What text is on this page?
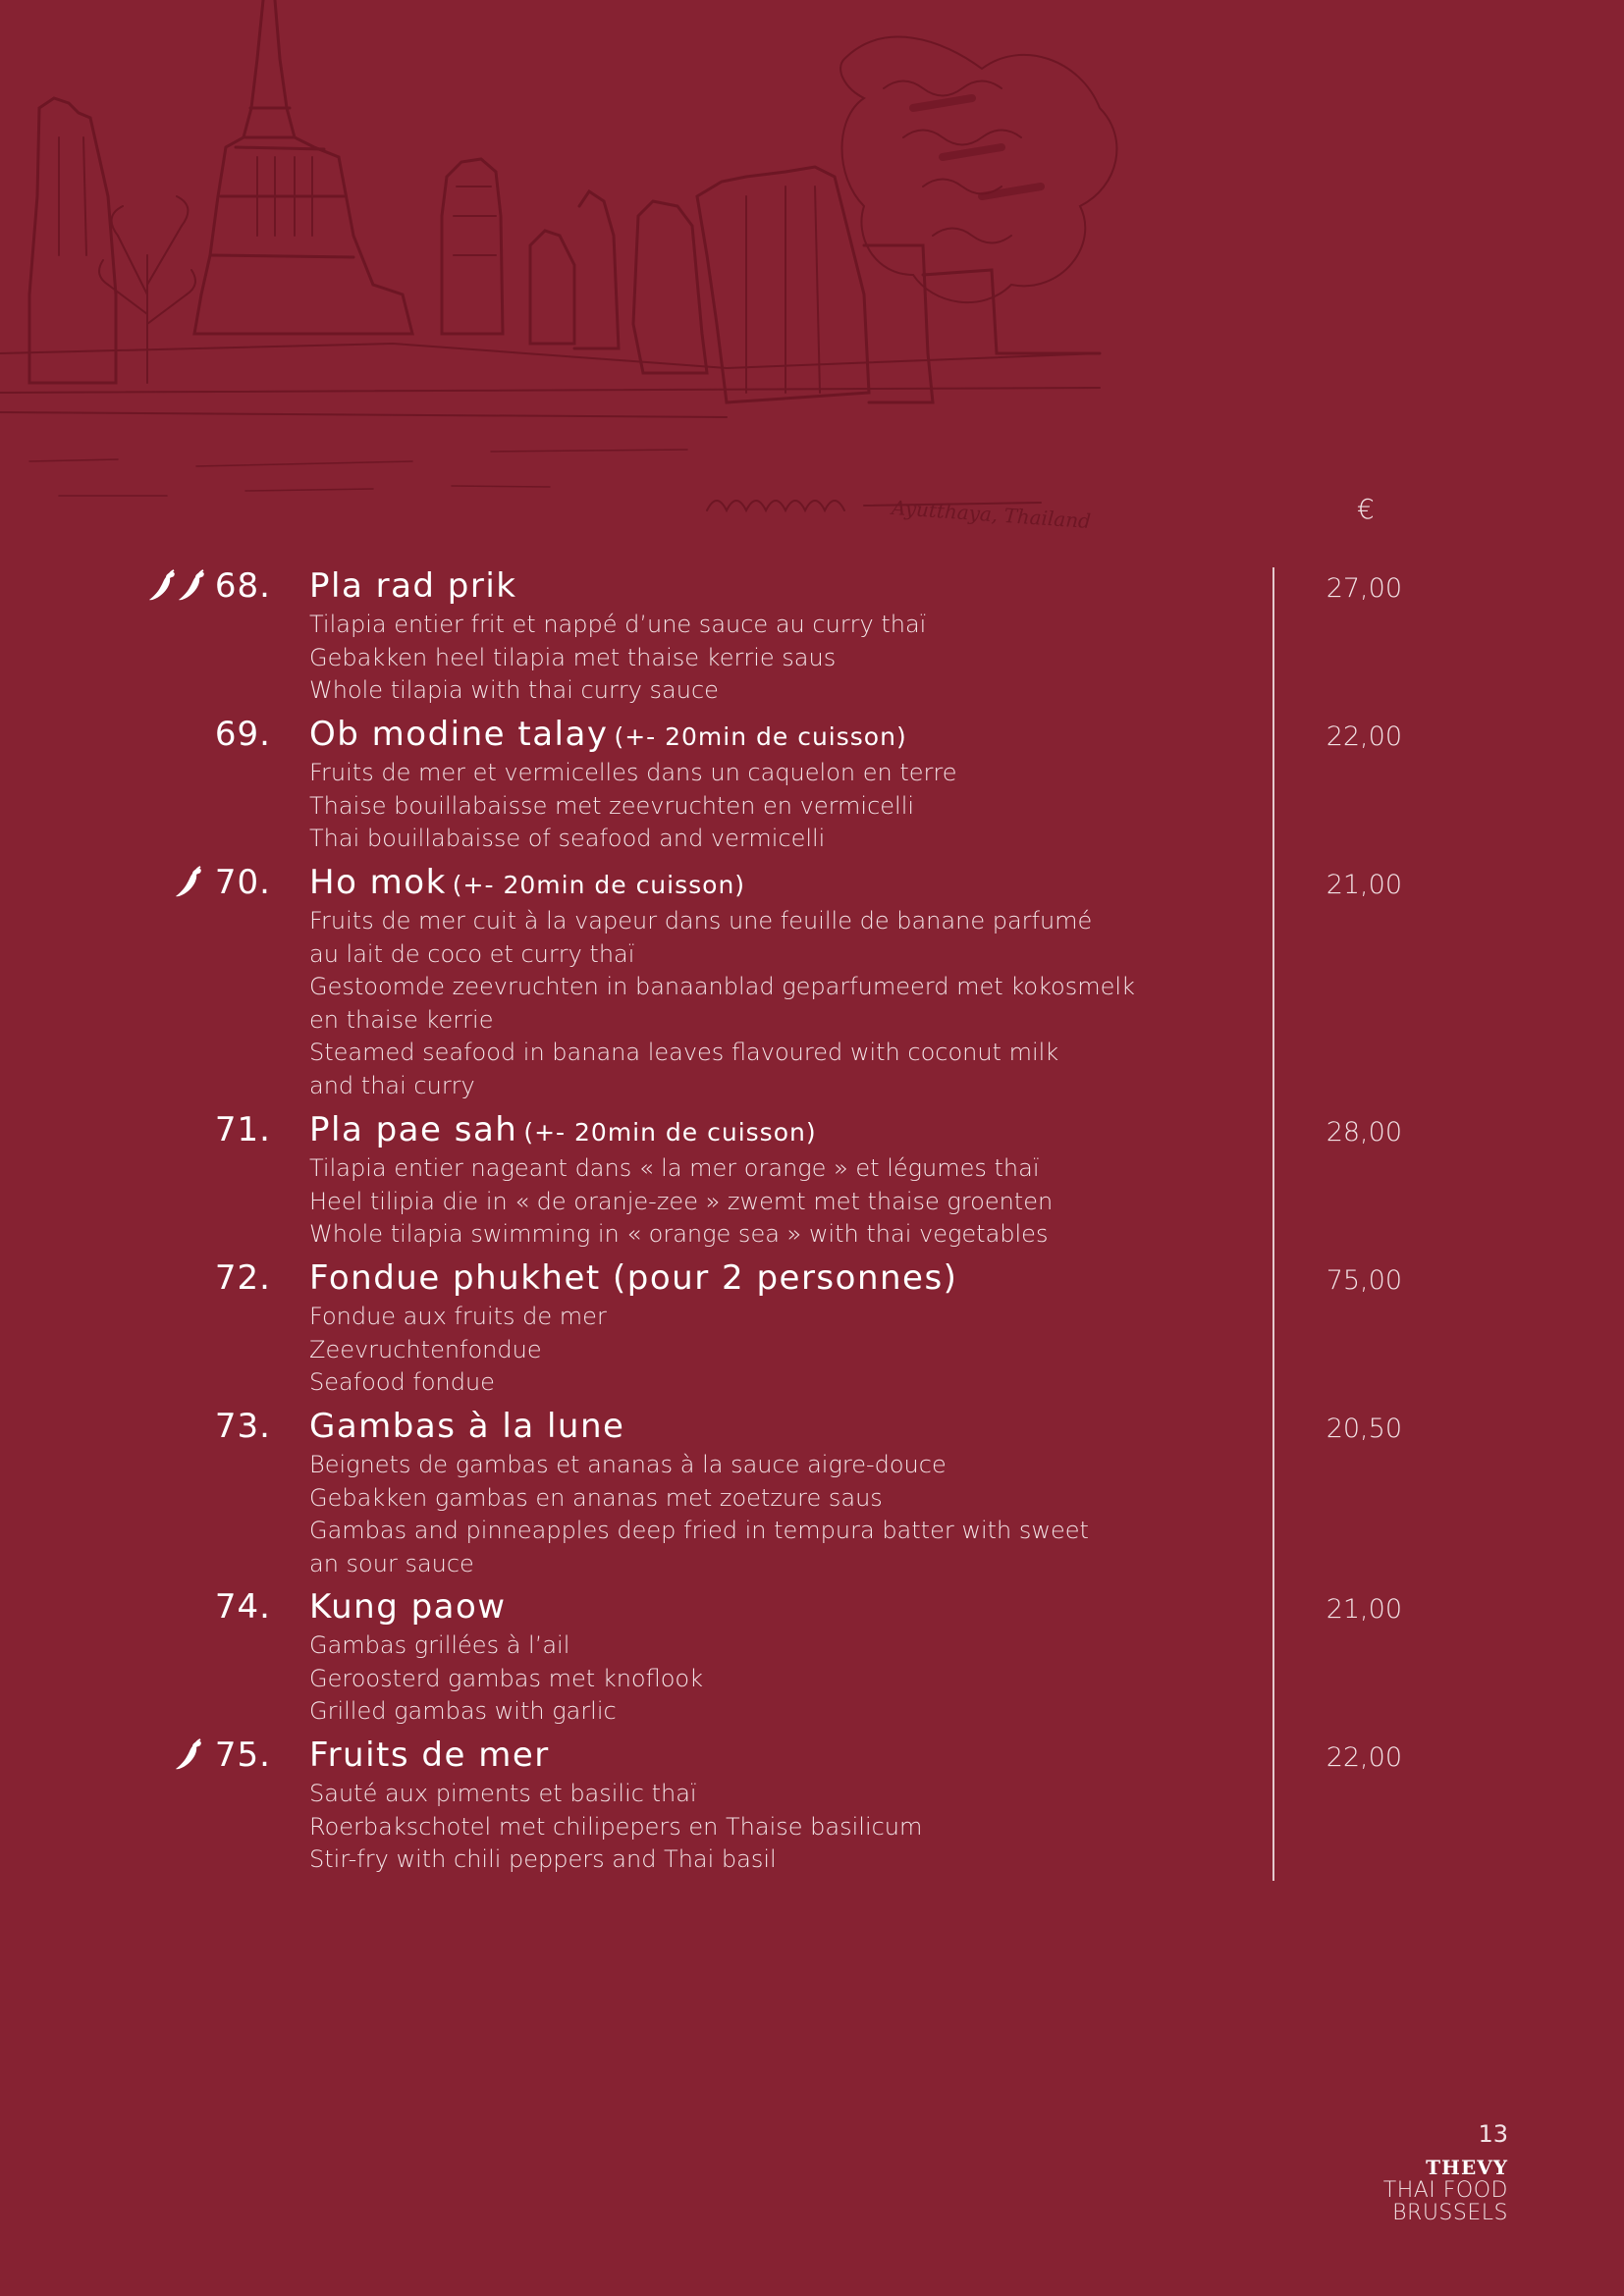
Ayutthaya, Thailand	€
68. Pla rad prik
Tilapia entier frit et nappé d’une sauce au curry thaï
Gebakken heel tilapia met thaise kerrie saus
Whole tilapia with thai curry sauce
27,00
69. Ob modine talay (+- 20min de cuisson)
Fruits de mer et vermicelles dans un caquelon en terre
Thaise bouillabaisse met zeevruchten en vermicelli
Thai bouillabaisse of seafood and vermicelli
22,00
70. Ho mok (+- 20min de cuisson)
Fruits de mer cuit à la vapeur dans une feuille de banane parfumé
au lait de coco et curry thaï
Gestoomde zeevruchten in banaanblad geparfumeerd met kokosmelk
en thaise kerrie
Steamed seafood in banana leaves flavoured with coconut milk
and thai curry
21,00
71. Pla pae sah (+- 20min de cuisson)
Tilapia entier nageant dans « la mer orange » et légumes thaï
Heel tilipia die in « de oranje-zee » zwemt met thaise groenten
Whole tilapia swimming in « orange sea » with thai vegetables
28,00
72. Fondue phukhet (pour 2 personnes)
Fondue aux fruits de mer
Zeevruchtenfondue
Seafood fondue
75,00
73. Gambas à la lune
Beignets de gambas et ananas à la sauce aigre-douce
Gebakken gambas en ananas met zoetzure saus
Gambas and pinneapples deep fried in tempura batter with sweet
an sour sauce
20,50
74. Kung paow
Gambas grillées à l’ail
Geroosterd gambas met knoflook
Grilled gambas with garlic
21,00
75. Fruits de mer
Sauté aux piments et basilic thaï
Roerbakschotel met chilipepers en Thaise basilicum
Stir-fry with chili peppers and Thai basil
22,00
13
THEVY
THAI FOOD
BRUSSELS
